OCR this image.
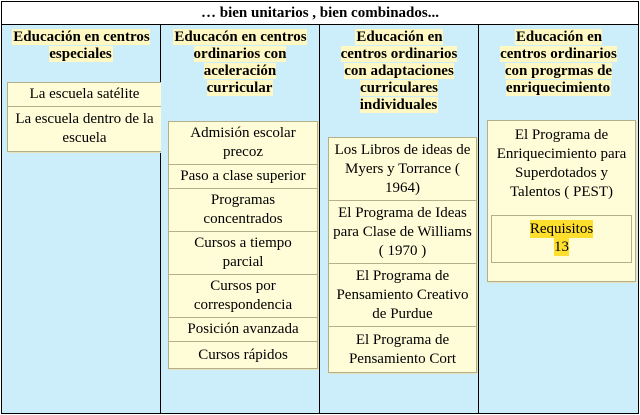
… bien unitarios , bien combinados...
Educación en centros especiales
La escuela satélite
La escuela dentro de la escuela
Educacón en centros ordinarios con aceleración curricular
Admisión escolar precoz
Paso a clase superior
Programas concentrados
Cursos a tiempo parcial
Cursos por correspondencia
Posición avanzada
Cursos rápidos
Educación en centros ordinarios con adaptaciones curriculares individuales
Los Libros de ideas de Myers y Torrance ( 1964)
El Programa de Ideas para Clase de Williams ( 1970 )
El Programa de Pensamiento Creativo de Purdue
El Programa de Pensamiento Cort
Educación en centros ordinarios con progrmas de enriquecimiento
El Programa de Enriquecimiento para Superdotados y Talentos ( PEST)
Requisitos
13
